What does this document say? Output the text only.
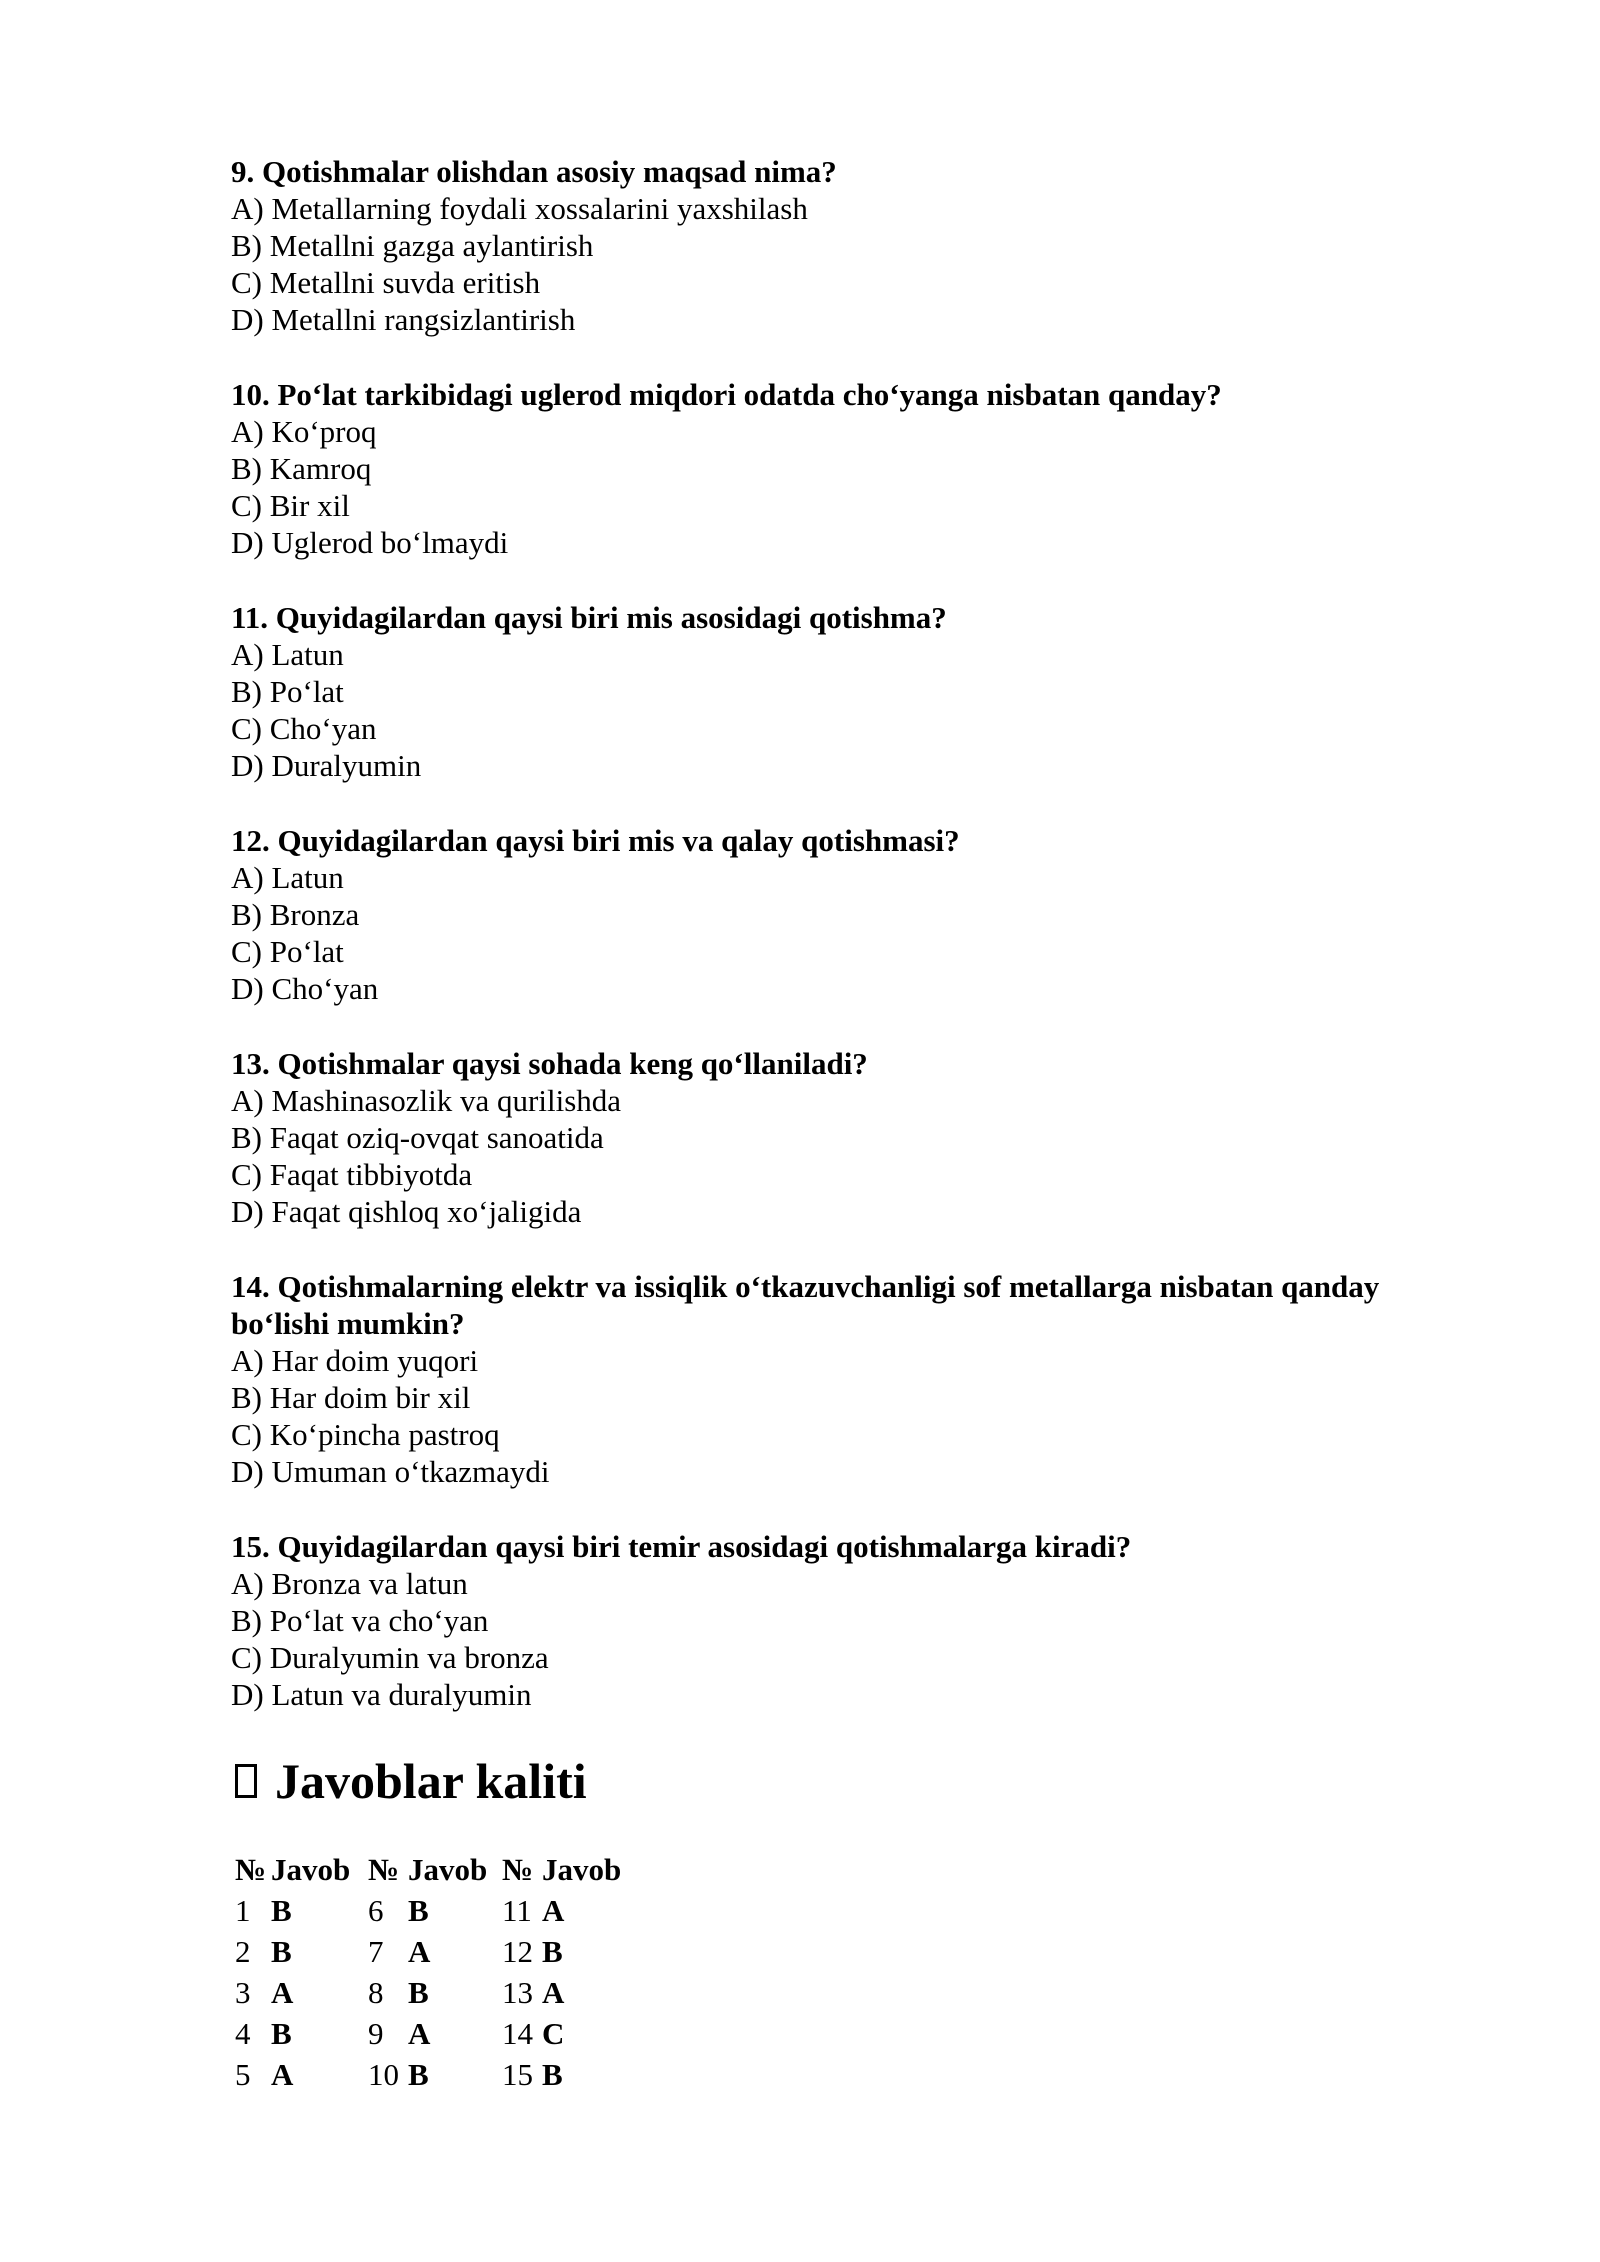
9. Qotishmalar olishdan asosiy maqsad nima?
A) Metallarning foydali xossalarini yaxshilash
B) Metallni gazga aylantirish
C) Metallni suvda eritish
D) Metallni rangsizlantirish
10. Poʻlat tarkibidagi uglerod miqdori odatda choʻyanga nisbatan qanday?
A) Koʻproq
B) Kamroq
C) Bir xil
D) Uglerod boʻlmaydi
11. Quyidagilardan qaysi biri mis asosidagi qotishma?
A) Latun
B) Poʻlat
C) Choʻyan
D) Duralyumin
12. Quyidagilardan qaysi biri mis va qalay qotishmasi?
A) Latun
B) Bronza
C) Poʻlat
D) Choʻyan
13. Qotishmalar qaysi sohada keng qoʻllaniladi?
A) Mashinasozlik va qurilishda
B) Faqat oziq-ovqat sanoatida
C) Faqat tibbiyotda
D) Faqat qishloq xoʻjaligida
14. Qotishmalarning elektr va issiqlik oʻtkazuvchanligi sof metallarga nisbatan qanday boʻlishi mumkin?
A) Har doim yuqori
B) Har doim bir xil
C) Koʻpincha pastroq
D) Umuman oʻtkazmaydi
15. Quyidagilardan qaysi biri temir asosidagi qotishmalarga kiradi?
A) Bronza va latun
B) Poʻlat va choʻyan
C) Duralyumin va bronza
D) Latun va duralyumin
Javoblar kaliti
№	Javob	№	Javob	№	Javob
1	B	6	B	11	A
2	B	7	A	12	B
3	A	8	B	13	A
4	B	9	A	14	C
5	A	10	B	15	B
